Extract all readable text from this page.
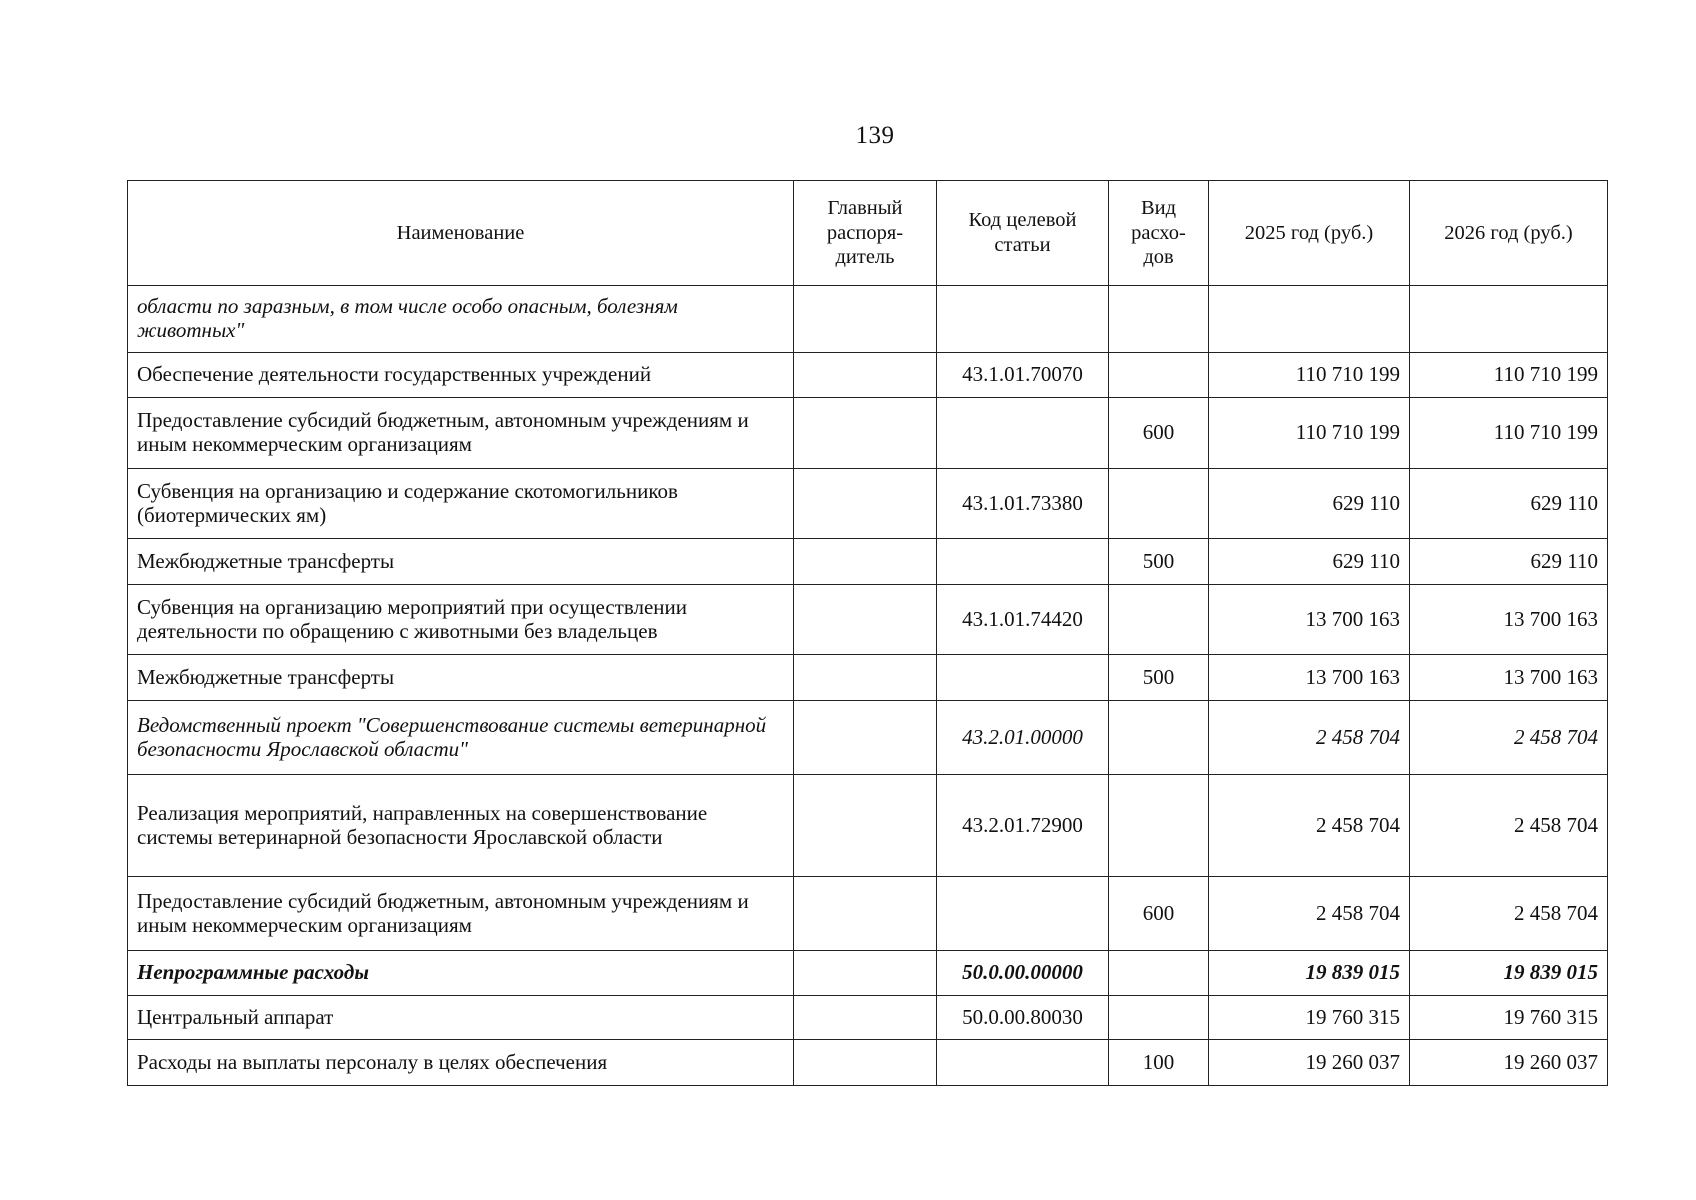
139
Наименование	Главный распоря-дитель	Код целевой статьи	Вид расхо-дов	2025 год (руб.)	2026 год (руб.)
области по заразным, в том числе особо опасным, болезням животных"					
Обеспечение деятельности государственных учреждений		43.1.01.70070		110 710 199	110 710 199
Предоставление субсидий бюджетным, автономным учреждениям и иным некоммерческим организациям			600	110 710 199	110 710 199
Субвенция на организацию и содержание скотомогильников (биотермических ям)		43.1.01.73380		629 110	629 110
Межбюджетные трансферты			500	629 110	629 110
Субвенция на организацию мероприятий при осуществлении деятельности по обращению с животными без владельцев		43.1.01.74420		13 700 163	13 700 163
Межбюджетные трансферты			500	13 700 163	13 700 163
Ведомственный проект "Совершенствование системы ветеринарной безопасности Ярославской области"		43.2.01.00000		2 458 704	2 458 704
Реализация мероприятий, направленных на совершенствование системы ветеринарной безопасности Ярославской области		43.2.01.72900		2 458 704	2 458 704
Предоставление субсидий бюджетным, автономным учреждениям и иным некоммерческим организациям			600	2 458 704	2 458 704
Непрограммные расходы		50.0.00.00000		19 839 015	19 839 015
Центральный аппарат		50.0.00.80030		19 760 315	19 760 315
Расходы на выплаты персоналу в целях обеспечения			100	19 260 037	19 260 037
